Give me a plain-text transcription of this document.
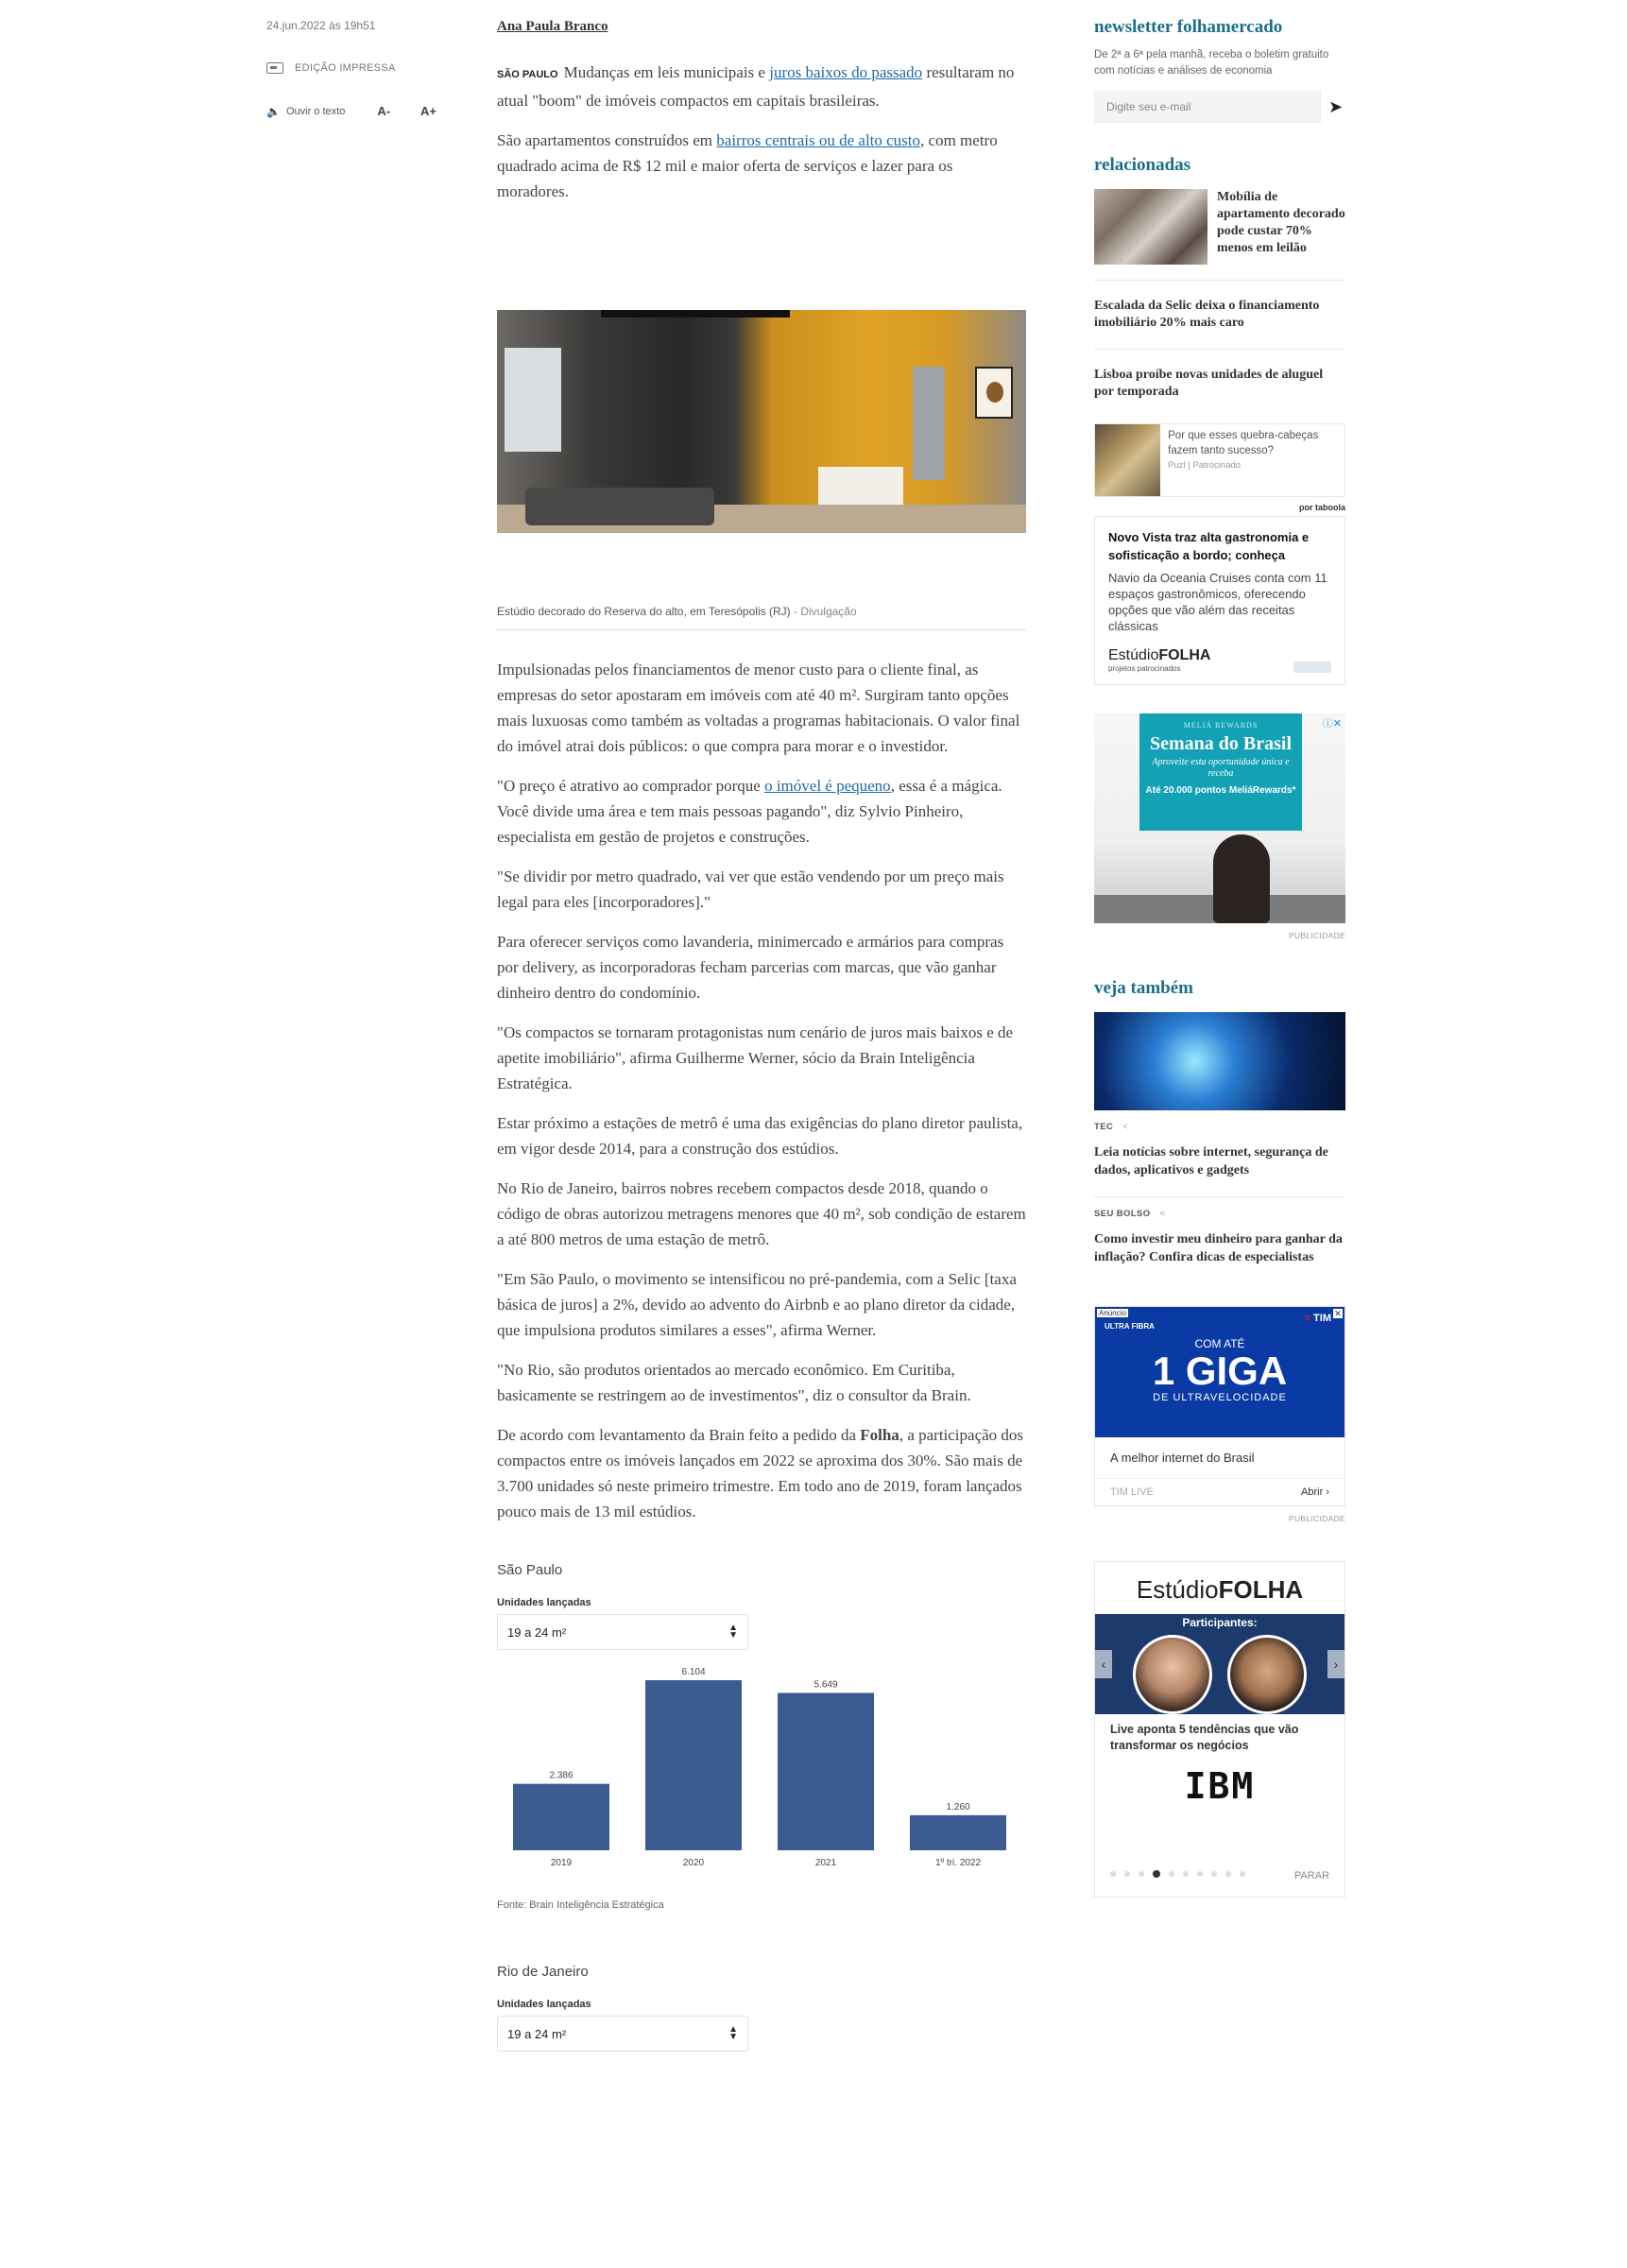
24.jun.2022 às 19h51
EDIÇÃO IMPRESSA
🔈 Ouvir o texto	A- A+
Ana Paula Branco

SÃO PAULO Mudanças em leis municipais e juros baixos do passado resultaram no atual "boom" de imóveis compactos em capitais brasileiras.

São apartamentos construídos em bairros centrais ou de alto custo, com metro quadrado acima de R$ 12 mil e maior oferta de serviços e lazer para os moradores.

Estúdio decorado do Reserva do alto, em Teresópolis (RJ) - Divulgação

Impulsionadas pelos financiamentos de menor custo para o cliente final, as empresas do setor apostaram em imóveis com até 40 m². Surgiram tanto opções mais luxuosas como também as voltadas a programas habitacionais. O valor final do imóvel atrai dois públicos: o que compra para morar e o investidor.

"O preço é atrativo ao comprador porque o imóvel é pequeno, essa é a mágica. Você divide uma área e tem mais pessoas pagando", diz Sylvio Pinheiro, especialista em gestão de projetos e construções.

"Se dividir por metro quadrado, vai ver que estão vendendo por um preço mais legal para eles [incorporadores]."

Para oferecer serviços como lavanderia, minimercado e armários para compras por delivery, as incorporadoras fecham parcerias com marcas, que vão ganhar dinheiro dentro do condomínio.

"Os compactos se tornaram protagonistas num cenário de juros mais baixos e de apetite imobiliário", afirma Guilherme Werner, sócio da Brain Inteligência Estratégica.

Estar próximo a estações de metrô é uma das exigências do plano diretor paulista, em vigor desde 2014, para a construção dos estúdios.

No Rio de Janeiro, bairros nobres recebem compactos desde 2018, quando o código de obras autorizou metragens menores que 40 m², sob condição de estarem a até 800 metros de uma estação de metrô.

"Em São Paulo, o movimento se intensificou no pré-pandemia, com a Selic [taxa básica de juros] a 2%, devido ao advento do Airbnb e ao plano diretor da cidade, que impulsiona produtos similares a esses", afirma Werner.

"No Rio, são produtos orientados ao mercado econômico. Em Curitiba, basicamente se restringem ao de investimentos", diz o consultor da Brain.

De acordo com levantamento da Brain feito a pedido da Folha, a participação dos compactos entre os imóveis lançados em 2022 se aproxima dos 30%. São mais de 3.700 unidades só neste primeiro trimestre. Em todo ano de 2019, foram lançados pouco mais de 13 mil estúdios.

São Paulo
Unidades lançadas
19 a 24 m²	▲
▼
2.386
2019
6.104
2020
5.649
2021
1.260
1º tri. 2022
Fonte: Brain Inteligência Estratégica
Rio de Janeiro
Unidades lançadas
19 a 24 m²	▲
▼
newsletter folhamercado
De 2ª a 6ª pela manhã, receba o boletim gratuito com notícias e análises de economia
Digite seu e-mail	➤
relacionadas
Mobília de apartamento decorado pode custar 70% menos em leilão
Escalada da Selic deixa o financiamento imobiliário 20% mais caro
Lisboa proíbe novas unidades de aluguel por temporada
Por que esses quebra-cabeças fazem tanto sucesso?
Puzl | Patrocinado
por taboola
Novo Vista traz alta gastronomia e sofisticação a bordo; conheça
Navio da Oceania Cruises conta com 11 espaços gastronômicos, oferecendo opções que vão além das receitas clássicas
EstúdioFOLHA
projetos patrocinados
MELIÁ REWARDS
Semana do Brasil
Aproveite esta oportunidade única e receba
Até 20.000 pontos MeliáRewards*
ⓘ✕
PUBLICIDADE
veja também
TEC <
Leia notícias sobre internet, segurança de dados, aplicativos e gadgets
SEU BOLSO <
Como investir meu dinheiro para ganhar da inflação? Confira dicas de especialistas
Anúncio
ULTRA FIBRA
≡ TIM ✕
COM ATÉ
1 GIGA
DE ULTRAVELOCIDADE
A melhor internet do Brasil
TIM LIVE	Abrir ›
PUBLICIDADE
EstúdioFOLHA
Participantes:
‹	›
Live aponta 5 tendências que vão transformar os negócios
IBM
PARAR
